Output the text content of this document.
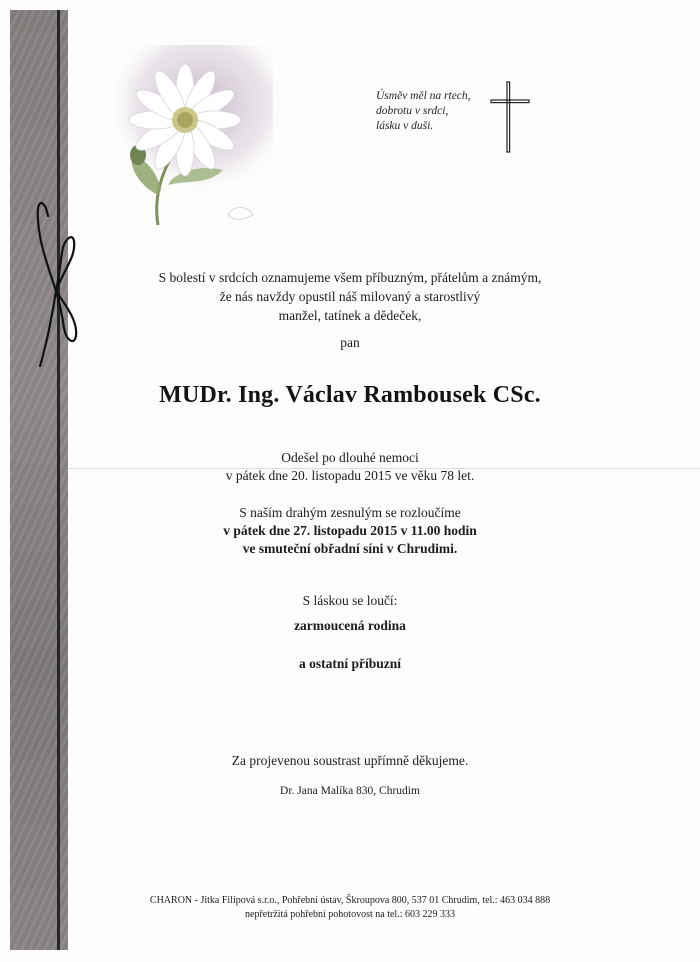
Úsměv měl na rtech,
dobrotu v srdci,
lásku v duši.
S bolestí v srdcích oznamujeme všem příbuzným, přátelům a známým,
že nás navždy opustil náš milovaný a starostlivý
manžel, tatínek a dědeček,
pan
MUDr. Ing. Václav Rambousek CSc.
Odešel po dlouhé nemoci
v pátek dne 20. listopadu 2015 ve věku 78 let.
S naším drahým zesnulým se rozloučíme
v pátek dne 27. listopadu 2015 v 11.00 hodin
ve smuteční obřadní síni v Chrudimi.
S láskou se loučí:
zarmoucená rodina
a ostatní příbuzní
Za projevenou soustrast upřímně děkujeme.
Dr. Jana Malíka 830, Chrudim
CHARON - Jitka Filipová s.r.o., Pohřební ústav, Škroupova 800, 537 01 Chrudim, tel.: 463 034 888
nepřetržitá pohřební pohotovost na tel.: 603 229 333
